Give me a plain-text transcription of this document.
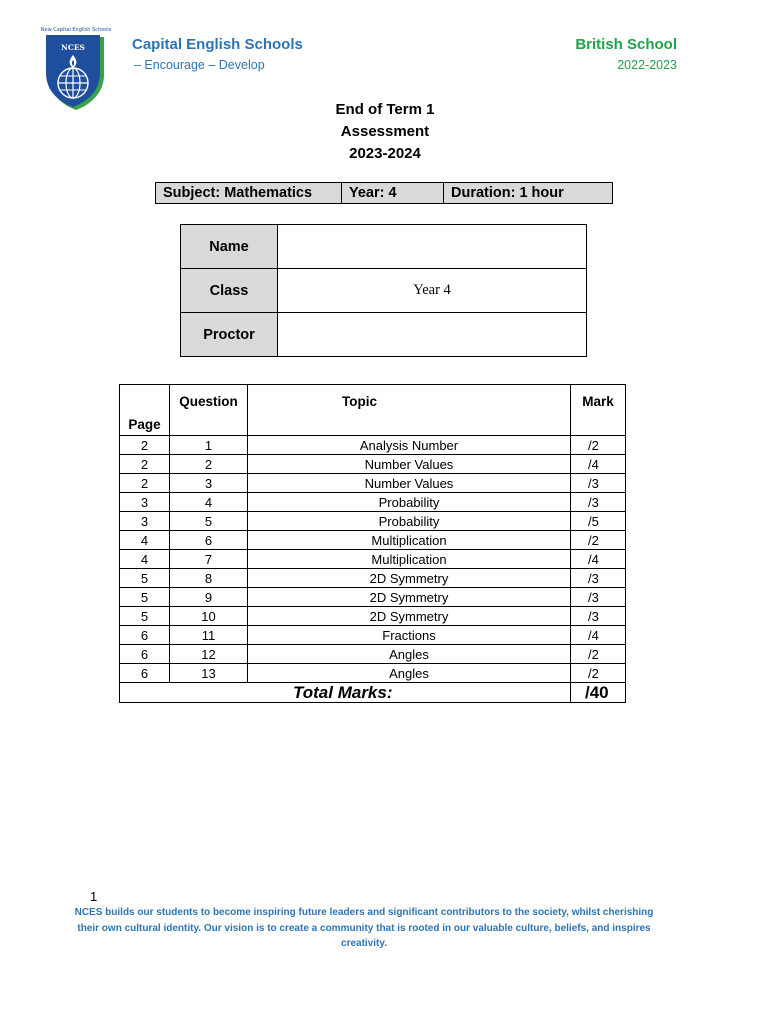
New Capital English Schools
NCES	Capital English Schools
– Encourage – Develop
British School
2022-2023
End of Term 1
Assessment
2023-2024
Subject: Mathematics	Year: 4	Duration: 1 hour
Name	
Class	Year 4
Proctor	
Page	Question	Topic	Mark
2	1	Analysis Number	/2
2	2	Number Values	/4
2	3	Number Values	/3
3	4	Probability	/3
3	5	Probability	/5
4	6	Multiplication	/2
4	7	Multiplication	/4
5	8	2D Symmetry	/3
5	9	2D Symmetry	/3
5	10	2D Symmetry	/3
6	11	Fractions	/4
6	12	Angles	/2
6	13	Angles	/2
Total Marks:			/40
1
NCES builds our students to become inspiring future leaders and significant contributors to the society, whilst cherishing their own cultural identity. Our vision is to create a community that is rooted in our valuable culture, beliefs, and inspires creativity.
